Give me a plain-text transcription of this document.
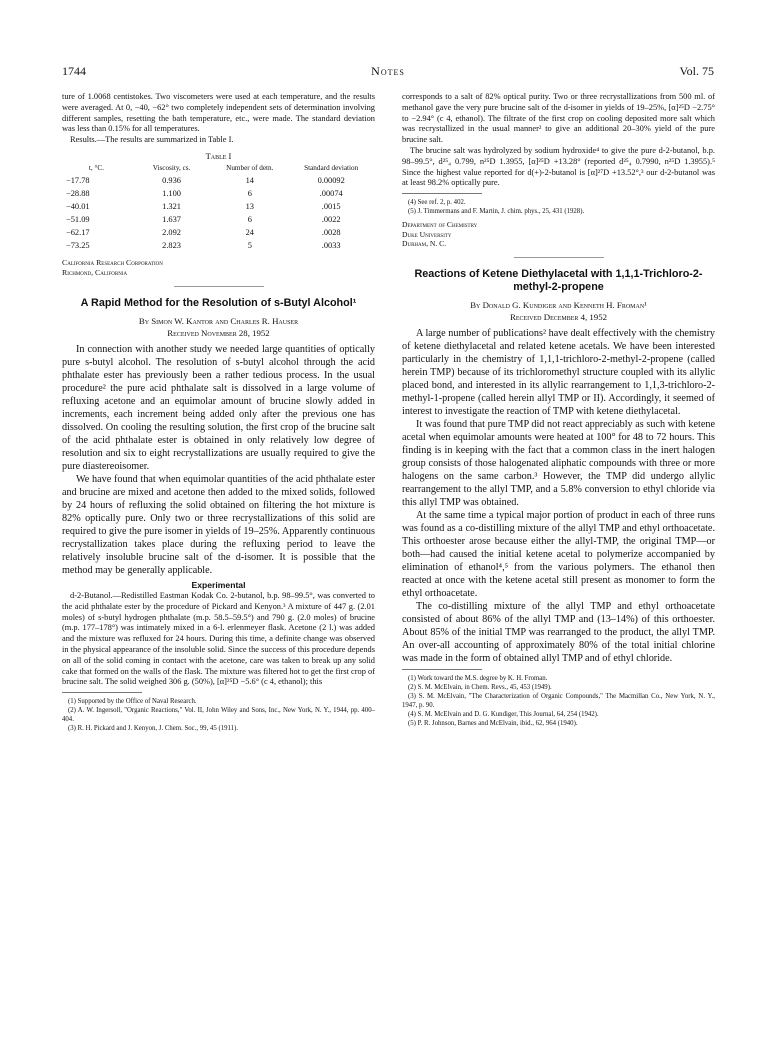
1744	Notes	Vol. 75

ture of 1.0068 centistokes. Two viscometers were used at each temperature, and the results were averaged. At 0, −40, −62° two completely independent sets of determination involving different samples, resetting the bath temperature, etc., were made. The standard deviation was less than 0.15% for all temperatures.

Results.—The results are summarized in Table I.

Table I
t, °C.	Viscosity, cs.	Number of detn.	Standard deviation
−17.78	0.936	14	0.00092
−28.88	1.100	6	.00074
−40.01	1.321	13	.0015
−51.09	1.637	6	.0022
−62.17	2.092	24	.0028
−73.25	2.823	5	.0033
California Research Corporation
Richmond, California
A Rapid Method for the Resolution of s-Butyl Alcohol¹
By Simon W. Kantor and Charles R. Hauser
Received November 28, 1952

In connection with another study we needed large quantities of optically pure s-butyl alcohol. The resolution of s-butyl alcohol through the acid phthalate ester has previously been a rather tedious process. In the usual procedure² the pure acid phthalate salt is dissolved in a large volume of refluxing acetone and an equimolar amount of brucine slowly added in increments, each increment being added only after the previous one has dissolved. On cooling the resulting solution, the first crop of the brucine salt of the acid phthalate ester is obtained in only relatively low degree of resolution and six to eight recrystallizations are usually required to give the pure diastereoisomer.

We have found that when equimolar quantities of the acid phthalate ester and brucine are mixed and acetone then added to the mixed solids, followed by 24 hours of refluxing the solid obtained on filtering the hot mixture is 82% optically pure. Only two or three recrystallizations of this solid are required to give the pure isomer in yields of 19–25%. Apparently continuous recrystallization takes place during the refluxing period to leave the relatively insoluble brucine salt of the d-isomer. It is possible that the method may be generally applicable.

Experimental

d-2-Butanol.—Redistilled Eastman Kodak Co. 2-butanol, b.p. 98–99.5°, was converted to the acid phthalate ester by the procedure of Pickard and Kenyon.³ A mixture of 447 g. (2.01 moles) of s-butyl hydrogen phthalate (m.p. 58.5–59.5°) and 790 g. (2.0 moles) of brucine (m.p. 177–178°) was intimately mixed in a 6-l. erlenmeyer flask. Acetone (2 l.) was added and the mixture was refluxed for 24 hours. During this time, a definite change was observed in the physical appearance of the insoluble solid. Since the success of this procedure depends on all of the solid coming in contact with the acetone, care was taken to break up any solid cake that formed on the walls of the flask. The mixture was filtered hot to get the first crop of brucine salt. The solid weighed 306 g. (50%), [α]²⁵D −5.6° (c 4, ethanol); this

(1) Supported by the Office of Naval Research.

(2) A. W. Ingersoll, "Organic Reactions," Vol. II, John Wiley and Sons, Inc., New York, N. Y., 1944, pp. 400–404.

(3) R. H. Pickard and J. Kenyon, J. Chem. Soc., 99, 45 (1911).

corresponds to a salt of 82% optical purity. Two or three recrystallizations from 500 ml. of methanol gave the very pure brucine salt of the d-isomer in yields of 19–25%, [α]²⁵D −2.75° to −2.94° (c 4, ethanol). The filtrate of the first crop on cooling deposited more salt which was recrystallized in the usual manner² to give an additional 20–30% yield of the pure brucine salt.

The brucine salt was hydrolyzed by sodium hydroxide⁴ to give the pure d-2-butanol, b.p. 98–99.5°, d²⁵₄ 0.799, n²⁵D 1.3955, [α]²⁵D +13.28° (reported d²⁵₄ 0.7990, n²⁵D 1.3955).⁵ Since the highest value reported for d(+)-2-butanol is [α]²⁷D +13.52°,³ our d-2-butanol was at least 98.2% optically pure.

(4) See ref. 2, p. 402.

(5) J. Timmermans and F. Martin, J. chim. phys., 25, 431 (1928).

Department of Chemistry
Duke University
Durham, N. C.
Reactions of Ketene Diethylacetal with 1,1,1-Trichloro-2-methyl-2-propene
By Donald G. Kundiger and Kenneth H. Froman¹
Received December 4, 1952

A large number of publications² have dealt effectively with the chemistry of ketene diethylacetal and related ketene acetals. We have been interested particularly in the chemistry of 1,1,1-trichloro-2-methyl-2-propene (called herein TMP) because of its trichloromethyl structure coupled with its allylic placed bond, and interested in its allylic rearrangement to 1,1,3-trichloro-2-methyl-1-propene (called herein allyl TMP or II). Accordingly, it seemed of interest to investigate the reaction of TMP with ketene diethylacetal.

It was found that pure TMP did not react appreciably as such with ketene acetal when equimolar amounts were heated at 100° for 48 to 72 hours. This finding is in keeping with the fact that a common class in the inert halogen group consists of those halogenated aliphatic compounds with three or more halogens on the same carbon.³ However, the TMP did undergo allylic rearrangement to the allyl TMP, and a 5.8% conversion to ethyl chloride via this allyl TMP was obtained.

At the same time a typical major portion of product in each of three runs was found as a co-distilling mixture of the allyl TMP and ethyl orthoacetate. This orthoester arose because either the allyl-TMP, the original TMP—or both—had caused the initial ketene acetal to polymerize accompanied by elimination of ethanol⁴,⁵ from the various polymers. The ethanol then reacted at once with the ketene acetal still present as monomer to form the ethyl orthoacetate.

The co-distilling mixture of the allyl TMP and ethyl orthoacetate consisted of about 86% of the allyl TMP and (13–14%) of this orthoester. About 85% of the initial TMP was rearranged to the product, the allyl TMP. An over-all accounting of approximately 80% of the total initial chlorine was made in the form of obtained allyl TMP and of ethyl chloride.

(1) Work toward the M.S. degree by K. H. Froman.

(2) S. M. McElvain, in Chem. Revs., 45, 453 (1949).

(3) S. M. McElvain, "The Characterization of Organic Compounds," The Macmillan Co., New York, N. Y., 1947, p. 90.

(4) S. M. McElvain and D. G. Kundiger, This Journal, 64, 254 (1942).

(5) P. R. Johnson, Barnes and McElvain, ibid., 62, 964 (1940).
